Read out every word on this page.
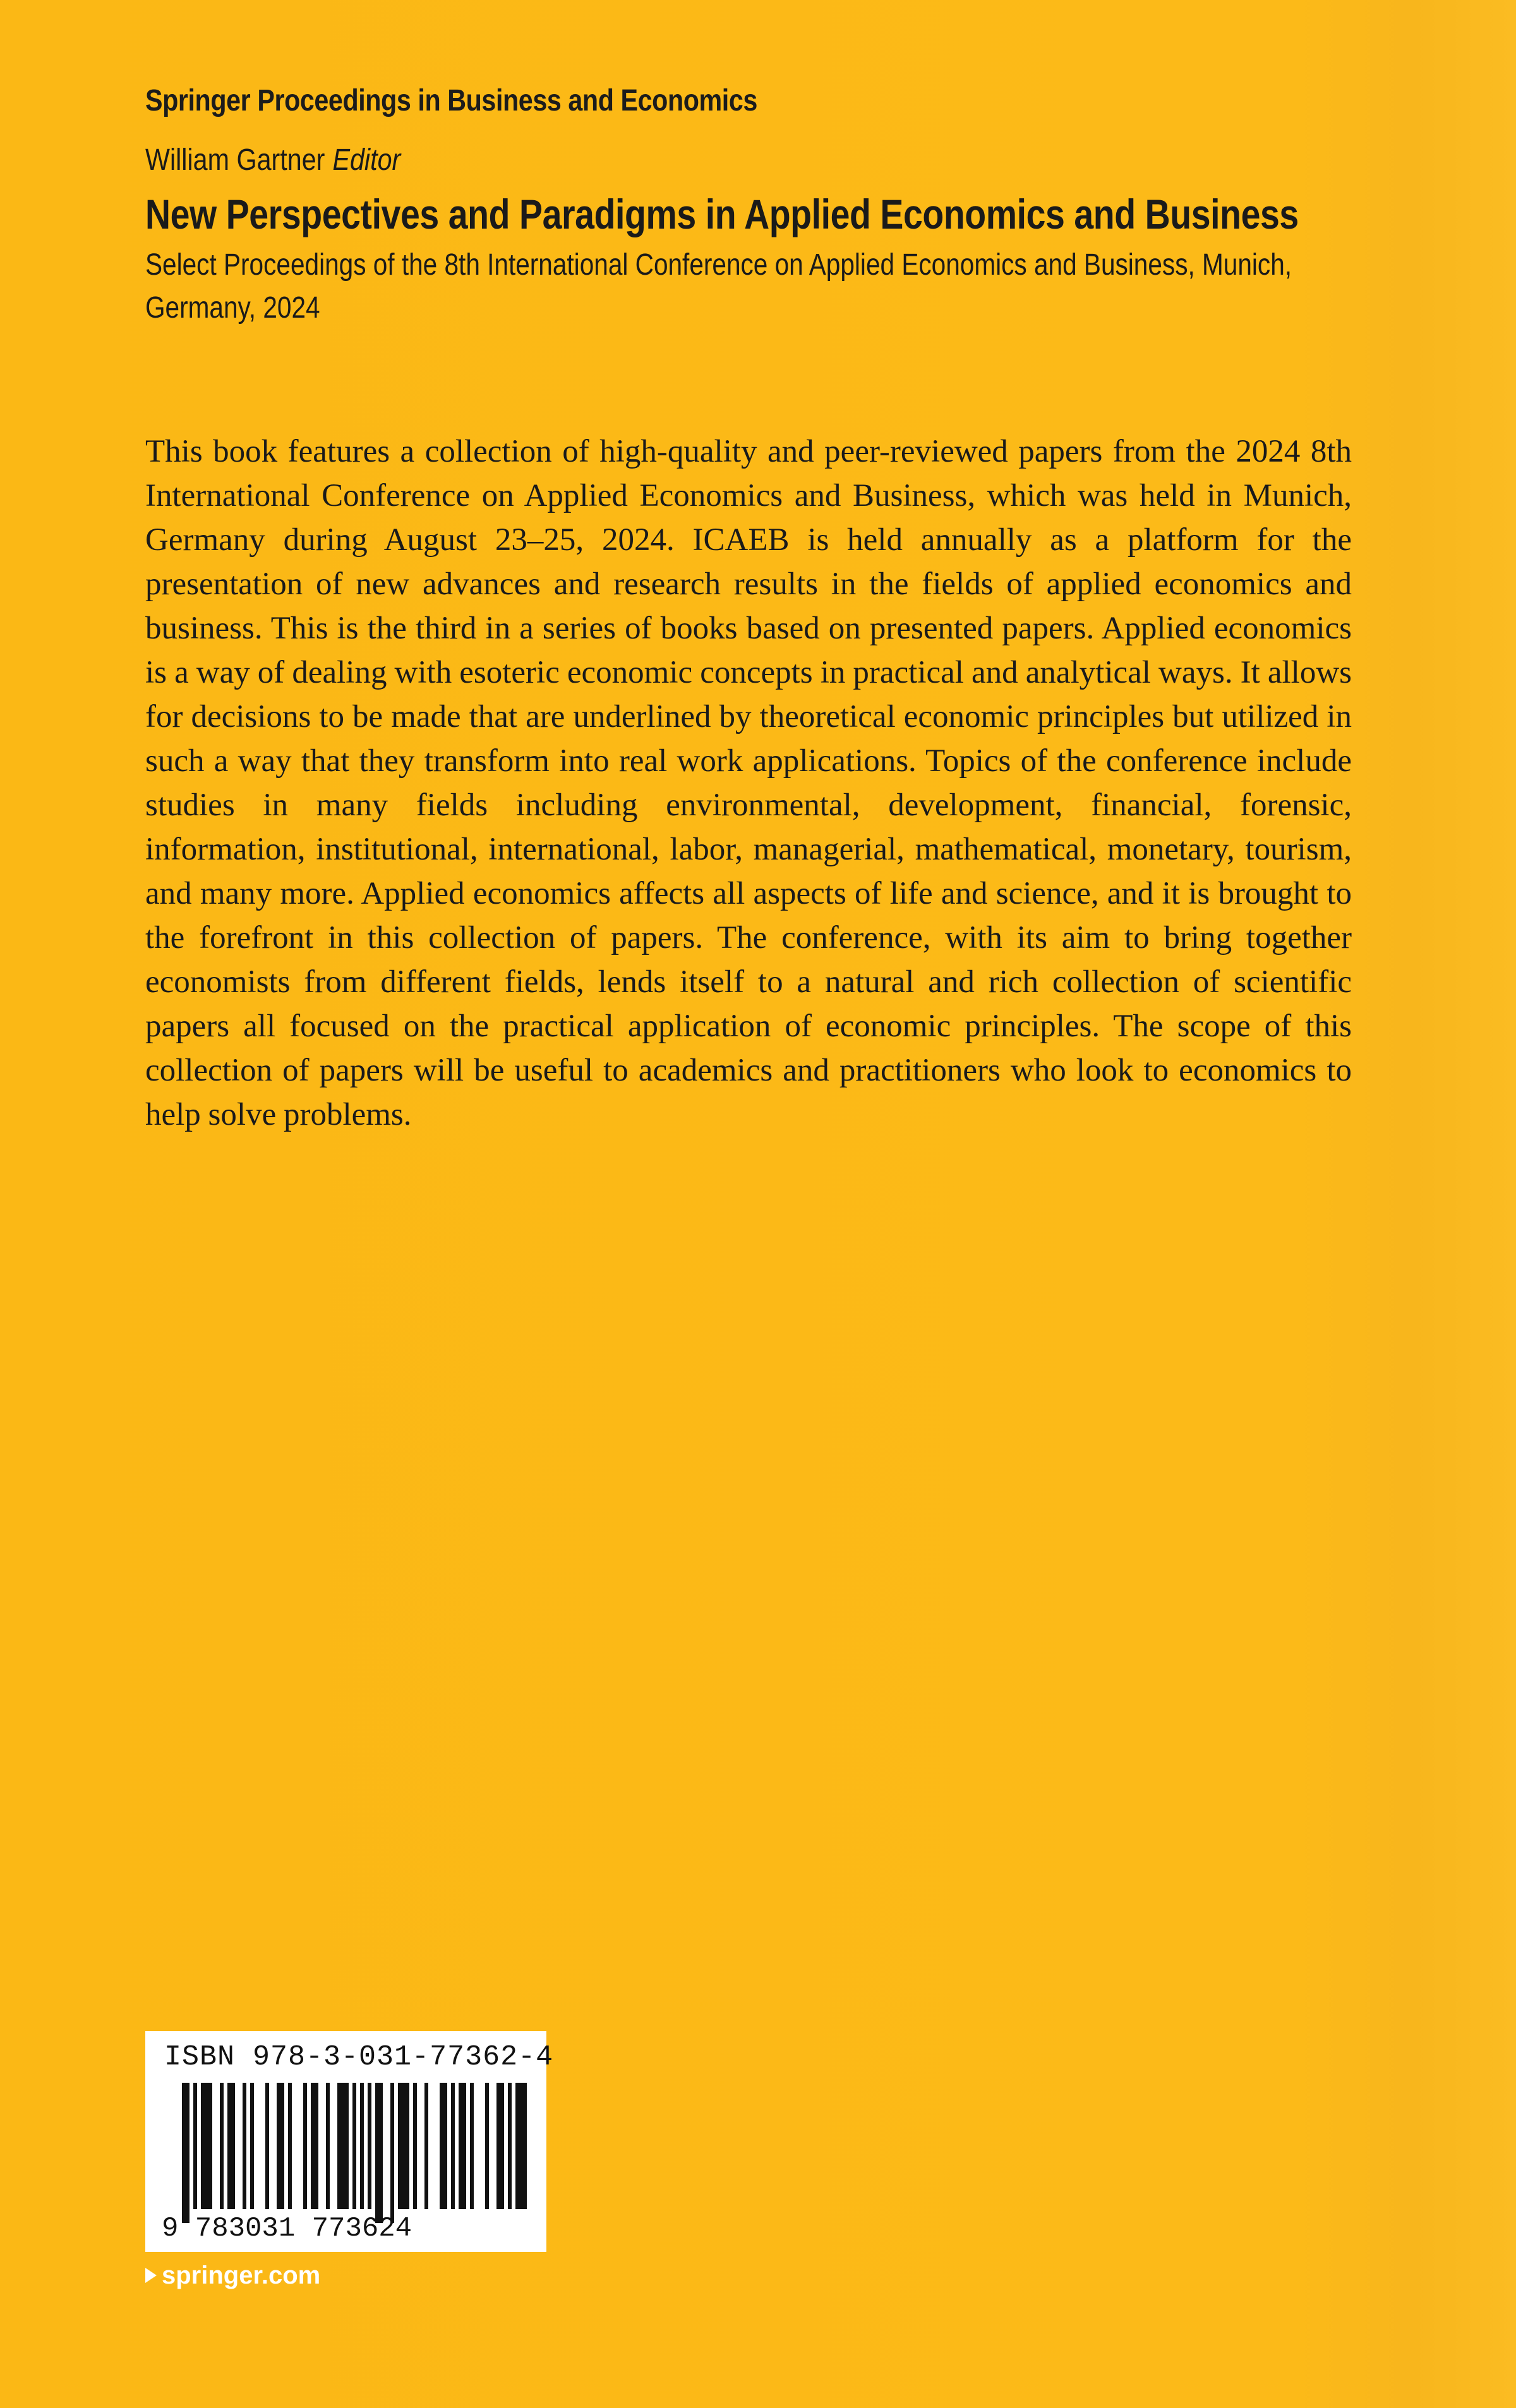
Springer Proceedings in Business and Economics
William Gartner Editor
New Perspectives and Paradigms in Applied Economics and Business
Select Proceedings of the 8th International Conference on Applied Economics and Business, Munich, Germany, 2024
This book features a collection of high-quality and peer-reviewed papers from the 2024 8th International Conference on Applied Economics and Business, which was held in Munich, Germany during August 23–25, 2024. ICAEB is held annually as a platform for the presentation of new advances and research results in the fields of applied economics and business. This is the third in a series of books based on presented papers. Applied economics is a way of dealing with esoteric economic concepts in practical and analytical ways. It allows for decisions to be made that are underlined by theoretical economic principles but utilized in such a way that they transform into real work applications. Topics of the conference include studies in many fields including environmental, development, financial, forensic, information, institutional, international, labor, managerial, mathematical, monetary, tourism, and many more. Applied economics affects all aspects of life and science, and it is brought to the forefront in this collection of papers. The conference, with its aim to bring together economists from different fields, lends itself to a natural and rich collection of scientific papers all focused on the practical application of economic principles. The scope of this collection of papers will be useful to academics and practitioners who look to economics to help solve problems.
ISBN 978-3-031-77362-4
9 783031 773624
springer.com
